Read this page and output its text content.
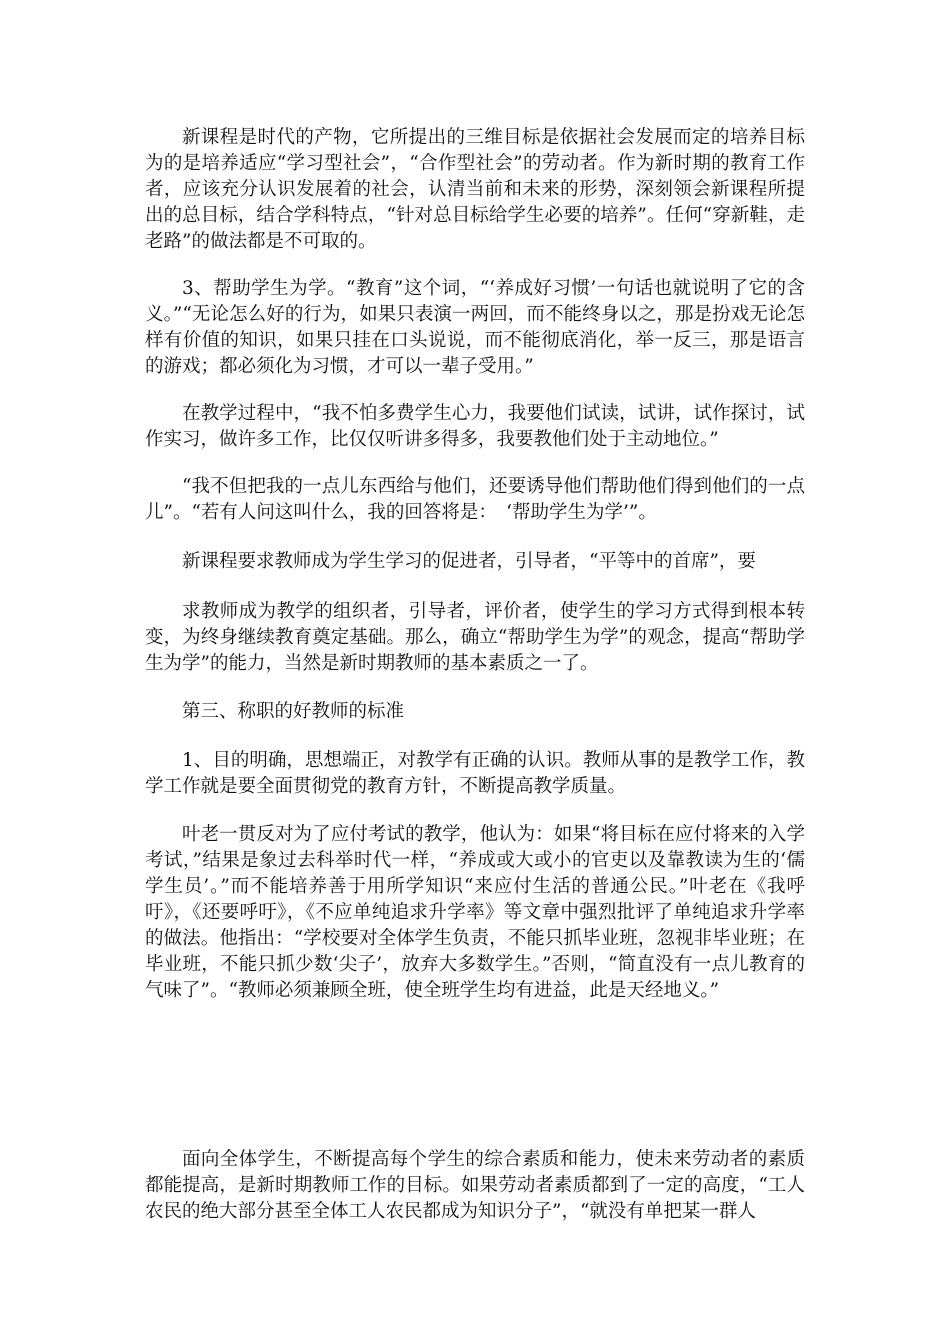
新课程是时代的产物，它所提出的三维目标是依据社会发展而定的培养目标为的是培养适应“学习型社会”，“合作型社会”的劳动者。作为新时期的教育工作者，应该充分认识发展着的社会，认清当前和未来的形势，深刻领会新课程所提出的总目标，结合学科特点，“针对总目标给学生必要的培养”。任何“穿新鞋，走老路”的做法都是不可取的。

3、帮助学生为学。“教育”这个词，“‘养成好习惯’一句话也就说明了它的含义。”“无论怎么好的行为，如果只表演一两回，而不能终身以之，那是扮戏无论怎样有价值的知识，如果只挂在口头说说，而不能彻底消化，举一反三，那是语言的游戏；都必须化为习惯，才可以一辈子受用。”

在教学过程中，“我不怕多费学生心力，我要他们试读，试讲，试作探讨，试作实习，做许多工作，比仅仅听讲多得多，我要教他们处于主动地位。”

“我不但把我的一点儿东西给与他们，还要诱导他们帮助他们得到他们的一点儿”。“若有人问这叫什么，我的回答将是：　‘帮助学生为学’”。

新课程要求教师成为学生学习的促进者，引导者，“平等中的首席”，要

求教师成为教学的组织者，引导者，评价者，使学生的学习方式得到根本转变，为终身继续教育奠定基础。那么，确立“帮助学生为学”的观念，提高“帮助学生为学”的能力，当然是新时期教师的基本素质之一了。

第三、称职的好教师的标准

1、目的明确，思想端正，对教学有正确的认识。教师从事的是教学工作，教学工作就是要全面贯彻党的教育方针，不断提高教学质量。

叶老一贯反对为了应付考试的教学，他认为：如果“将目标在应付将来的入学考试，”结果是象过去科举时代一样，“养成或大或小的官吏以及靠教读为生的‘儒学生员’。”而不能培养善于用所学知识“来应付生活的普通公民。”叶老在《我呼吁》，《还要呼吁》，《不应单纯追求升学率》等文章中强烈批评了单纯追求升学率的做法。他指出：“学校要对全体学生负责，不能只抓毕业班，忽视非毕业班；在毕业班，不能只抓少数‘尖子’，放弃大多数学生。”否则，“简直没有一点儿教育的气味了”。“教师必须兼顾全班，使全班学生均有进益，此是天经地义。”

面向全体学生，不断提高每个学生的综合素质和能力，使未来劳动者的素质都能提高，是新时期教师工作的目标。如果劳动者素质都到了一定的高度，“工人农民的绝大部分甚至全体工人农民都成为知识分子”，“就没有单把某一群人
